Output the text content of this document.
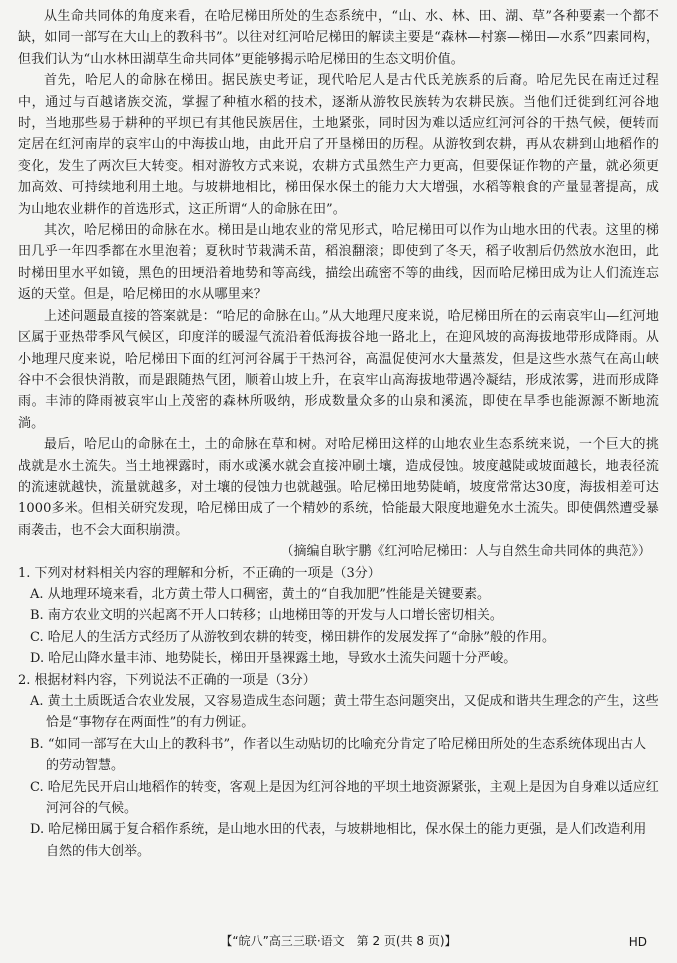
从生命共同体的角度来看，在哈尼梯田所处的生态系统中，“山、水、林、田、湖、草”各种要素一个都不缺，如同一部写在大山上的教科书”。以往对红河哈尼梯田的解读主要是“森林—村寨—梯田—水系”四素同构，但我们认为“山水林田湖草生命共同体”更能够揭示哈尼梯田的生态文明价值。

首先，哈尼人的命脉在梯田。据民族史考证，现代哈尼人是古代氐羌族系的后裔。哈尼先民在南迁过程中，通过与百越诸族交流，掌握了种植水稻的技术，逐渐从游牧民族转为农耕民族。当他们迁徙到红河谷地时，当地那些易于耕种的平坝已有其他民族居住，土地紧张，同时因为难以适应红河河谷的干热气候，便转而定居在红河南岸的哀牢山的中海拔山地，由此开启了开垦梯田的历程。从游牧到农耕，再从农耕到山地稻作的变化，发生了两次巨大转变。相对游牧方式来说，农耕方式虽然生产力更高，但要保证作物的产量，就必须更加高效、可持续地利用土地。与坡耕地相比，梯田保水保土的能力大大增强，水稻等粮食的产量显著提高，成为山地农业耕作的首选形式，这正所谓“人的命脉在田”。

其次，哈尼梯田的命脉在水。梯田是山地农业的常见形式，哈尼梯田可以作为山地水田的代表。这里的梯田几乎一年四季都在水里泡着；夏秋时节栽满禾苗，稻浪翻滚；即使到了冬天，稻子收割后仍然放水泡田，此时梯田里水平如镜，黑色的田埂沿着地势和等高线，描绘出疏密不等的曲线，因而哈尼梯田成为让人们流连忘返的天堂。但是，哈尼梯田的水从哪里来？

上述问题最直接的答案就是：“哈尼的命脉在山。”从大地理尺度来说，哈尼梯田所在的云南哀牢山—红河地区属于亚热带季风气候区，印度洋的暖湿气流沿着低海拔谷地一路北上，在迎风坡的高海拔地带形成降雨。从小地理尺度来说，哈尼梯田下面的红河河谷属于干热河谷，高温促使河水大量蒸发，但是这些水蒸气在高山峡谷中不会很快消散，而是跟随热气团，顺着山坡上升，在哀牢山高海拔地带遇冷凝结，形成浓雾，进而形成降雨。丰沛的降雨被哀牢山上茂密的森林所吸纳，形成数量众多的山泉和溪流，即使在旱季也能源源不断地流淌。

最后，哈尼山的命脉在土，土的命脉在草和树。对哈尼梯田这样的山地农业生态系统来说，一个巨大的挑战就是水土流失。当土地裸露时，雨水或溪水就会直接冲刷土壤，造成侵蚀。坡度越陡或坡面越长，地表径流的流速就越快，流量就越多，对土壤的侵蚀力也就越强。哈尼梯田地势陡峭，坡度常常达30度，海拔相差可达1000多米。但相关研究发现，哈尼梯田成了一个精妙的系统，恰能最大限度地避免水土流失。即使偶然遭受暴雨袭击，也不会大面积崩溃。

（摘编自耿宇鹏《红河哈尼梯田：人与自然生命共同体的典范》）

1. 下列对材料相关内容的理解和分析，不正确的一项是（3分）

A. 从地理环境来看，北方黄土带人口稠密，黄土的“自我加肥”性能是关键要素。

B. 南方农业文明的兴起离不开人口转移；山地梯田等的开发与人口增长密切相关。

C. 哈尼人的生活方式经历了从游牧到农耕的转变，梯田耕作的发展发挥了“命脉”般的作用。

D. 哈尼山降水量丰沛、地势陡长，梯田开垦裸露土地，导致水土流失问题十分严峻。

2. 根据材料内容，下列说法不正确的一项是（3分）

A. 黄土土质既适合农业发展，又容易造成生态问题；黄土带生态问题突出，又促成和谐共生理念的产生，这些恰是“事物存在两面性”的有力例证。

B. “如同一部写在大山上的教科书”，作者以生动贴切的比喻充分肯定了哈尼梯田所处的生态系统体现出古人的劳动智慧。

C. 哈尼先民开启山地稻作的转变，客观上是因为红河谷地的平坝土地资源紧张，主观上是因为自身难以适应红河河谷的气候。

D. 哈尼梯田属于复合稻作系统，是山地水田的代表，与坡耕地相比，保水保土的能力更强，是人们改造利用自然的伟大创举。

【“皖八”高三三联·语文　第 2 页(共 8 页)】	HD
